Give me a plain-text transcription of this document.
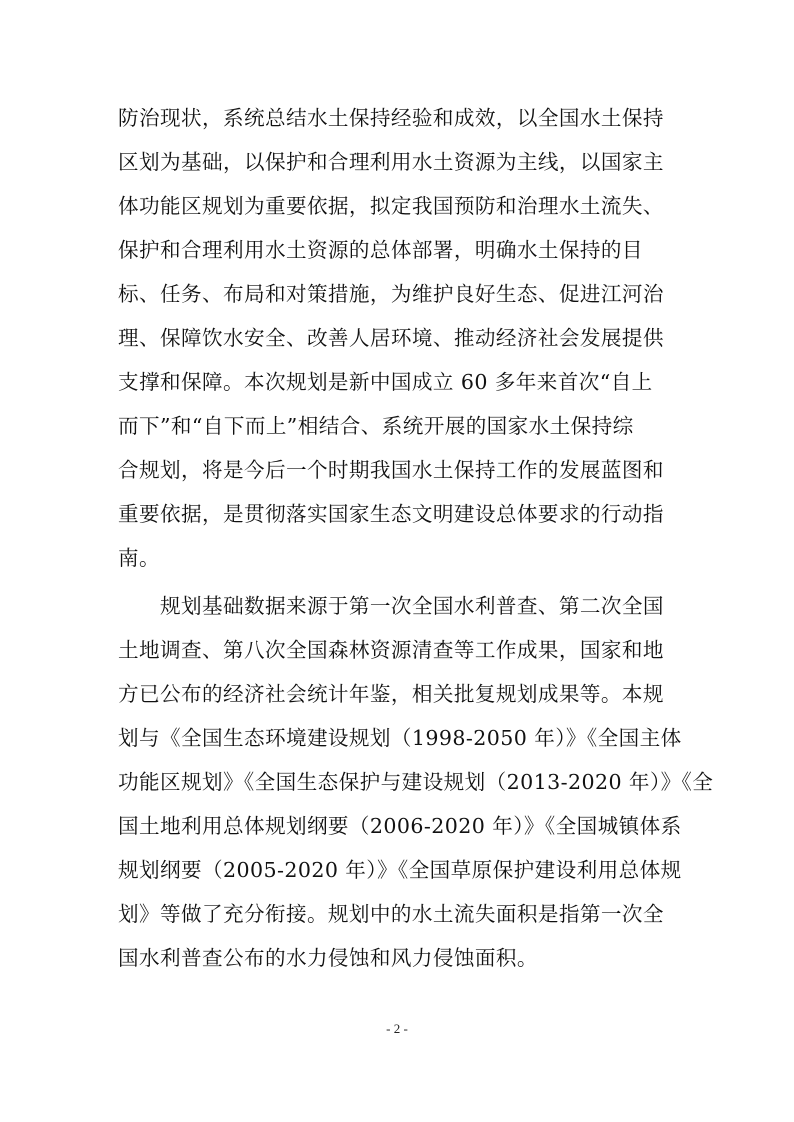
防治现状，系统总结水土保持经验和成效，以全国水土保持
区划为基础，以保护和合理利用水土资源为主线，以国家主
体功能区规划为重要依据，拟定我国预防和治理水土流失、
保护和合理利用水土资源的总体部署，明确水土保持的目
标、任务、布局和对策措施，为维护良好生态、促进江河治
理、保障饮水安全、改善人居环境、推动经济社会发展提供
支撑和保障。本次规划是新中国成立 60 多年来首次“自上
而下”和“自下而上”相结合、系统开展的国家水土保持综
合规划，将是今后一个时期我国水土保持工作的发展蓝图和
重要依据，是贯彻落实国家生态文明建设总体要求的行动指
南。
　　规划基础数据来源于第一次全国水利普查、第二次全国
土地调查、第八次全国森林资源清查等工作成果，国家和地
方已公布的经济社会统计年鉴，相关批复规划成果等。本规
划与《全国生态环境建设规划（1998-2050 年）》《全国主体
功能区规划》《全国生态保护与建设规划（2013-2020 年）》《全
国土地利用总体规划纲要（2006-2020 年）》《全国城镇体系
规划纲要（2005-2020 年）》《全国草原保护建设利用总体规
划》等做了充分衔接。规划中的水土流失面积是指第一次全
国水利普查公布的水力侵蚀和风力侵蚀面积。
- 2 -
